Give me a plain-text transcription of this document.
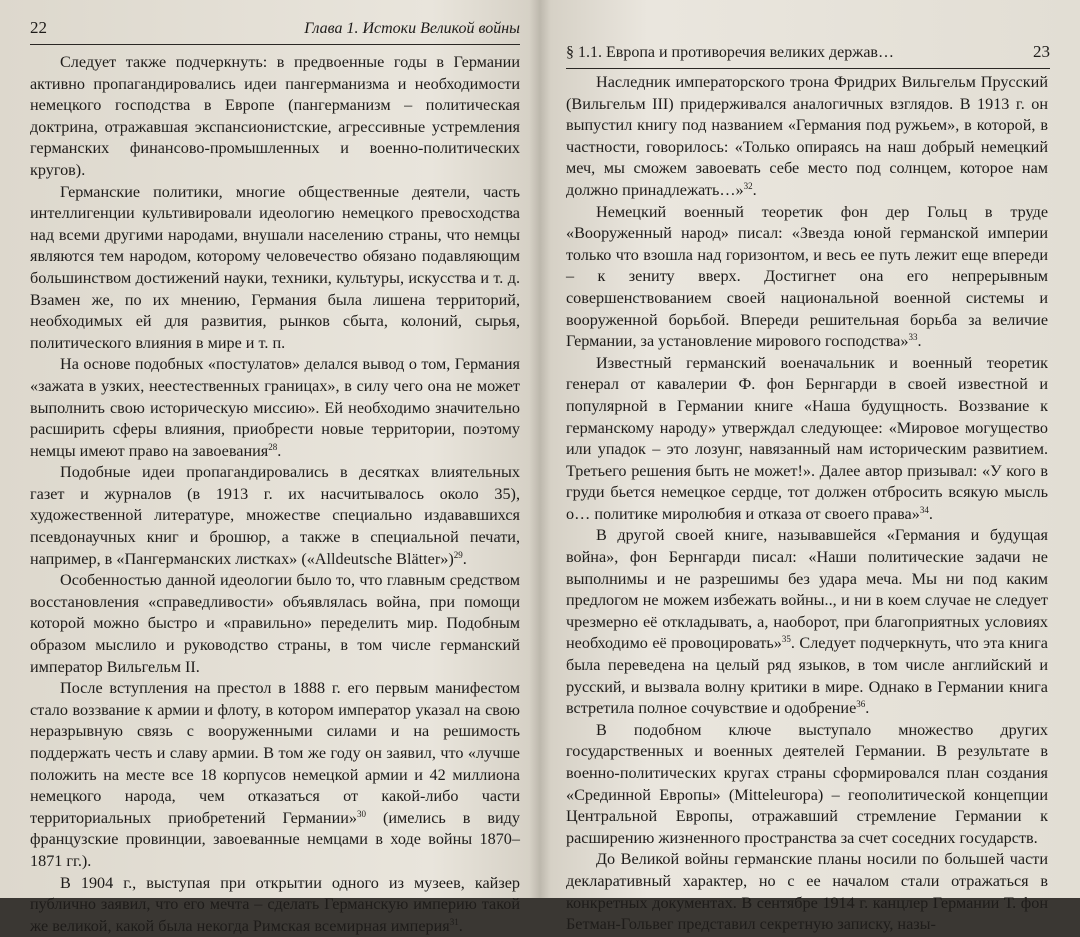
22	Глава 1. Истоки Великой войны

Следует также подчеркнуть: в предвоенные годы в Германии активно пропагандировались идеи пангерманизма и необходимости немецкого господства в Европе (пангерманизм – политическая доктрина, отражавшая экспансионистские, агрессивные устремления германских финансово-промышленных и военно-политических кругов).

Германские политики, многие общественные деятели, часть интеллигенции культивировали идеологию немецкого превосходства над всеми другими народами, внушали населению страны, что немцы являются тем народом, которому человечество обязано подавляющим большинством достижений науки, техники, культуры, искусства и т. д. Взамен же, по их мнению, Германия была лишена территорий, необходимых ей для развития, рынков сбыта, колоний, сырья, политического влияния в мире и т. п.

На основе подобных «постулатов» делался вывод о том, Германия «зажата в узких, неестественных границах», в силу чего она не может выполнить свою историческую миссию». Ей необходимо значительно расширить сферы влияния, приобрести новые территории, поэтому немцы имеют право на завоевания$^{28}$.

Подобные идеи пропагандировались в десятках влиятельных газет и журналов (в 1913 г. их насчитывалось около 35), художественной литературе, множестве специально издававшихся псевдонаучных книг и брошюр, а также в специальной печати, например, в «Пангерманских листках» («Alldeutsche Blätter»)$^{29}$.

Особенностью данной идеологии было то, что главным средством восстановления «справедливости» объявлялась война, при помощи которой можно быстро и «правильно» переделить мир. Подобным образом мыслило и руководство страны, в том числе германский император Вильгельм II.

После вступления на престол в 1888 г. его первым манифестом стало воззвание к армии и флоту, в котором император указал на свою неразрывную связь с вооруженными силами и на решимость поддержать честь и славу армии. В том же году он заявил, что «лучше положить на месте все 18 корпусов немецкой армии и 42 миллиона немецкого народа, чем отказаться от какой-либо части территориальных приобретений Германии»$^{30}$ (имелись в виду французские провинции, завоеванные немцами в ходе войны 1870–1871 гг.).

В 1904 г., выступая при открытии одного из музеев, кайзер публично заявил, что его мечта – сделать Германскую империю такой же великой, какой была некогда Римская всемирная империя$^{31}$.

§ 1.1. Европа и противоречия великих держав…	23

Наследник императорского трона Фридрих Вильгельм Прусский (Вильгельм III) придерживался аналогичных взглядов. В 1913 г. он выпустил книгу под названием «Германия под ружьем», в которой, в частности, говорилось: «Только опираясь на наш добрый немецкий меч, мы сможем завоевать себе место под солнцем, которое нам должно принадлежать…»$^{32}$.

Немецкий военный теоретик фон дер Гольц в труде «Вооруженный народ» писал: «Звезда юной германской империи только что взошла над горизонтом, и весь ее путь лежит еще впереди – к зениту вверх. Достигнет она его непрерывным совершенствованием своей национальной военной системы и вооруженной борьбой. Впереди решительная борьба за величие Германии, за установление мирового господства»$^{33}$.

Известный германский военачальник и военный теоретик генерал от кавалерии Ф. фон Бернгарди в своей известной и популярной в Германии книге «Наша будущность. Воззвание к германскому народу» утверждал следующее: «Мировое могущество или упадок – это лозунг, навязанный нам историческим развитием. Третьего решения быть не может!». Далее автор призывал: «У кого в груди бьется немецкое сердце, тот должен отбросить всякую мысль о… политике миролюбия и отказа от своего права»$^{34}$.

В другой своей книге, называвшейся «Германия и будущая война», фон Бернгарди писал: «Наши политические задачи не выполнимы и не разрешимы без удара меча. Мы ни под каким предлогом не можем избежать войны.., и ни в коем случае не следует чрезмерно её откладывать, а, наоборот, при благоприятных условиях необходимо её провоцировать»$^{35}$. Следует подчеркнуть, что эта книга была переведена на целый ряд языков, в том числе английский и русский, и вызвала волну критики в мире. Однако в Германии книга встретила полное сочувствие и одобрение$^{36}$.

В подобном ключе выступало множество других государственных и военных деятелей Германии. В результате в военно-политических кругах страны сформировался план создания «Срединной Европы» (Mitteleuropa) – геополитической концепции Центральной Европы, отражавший стремление Германии к расширению жизненного пространства за счет соседних государств.

До Великой войны германские планы носили по большей части декларативный характер, но с ее началом стали отражаться в конкретных документах. В сентябре 1914 г. канцлер Германии Т. фон Бетман-Гольвег представил секретную записку, назы-
